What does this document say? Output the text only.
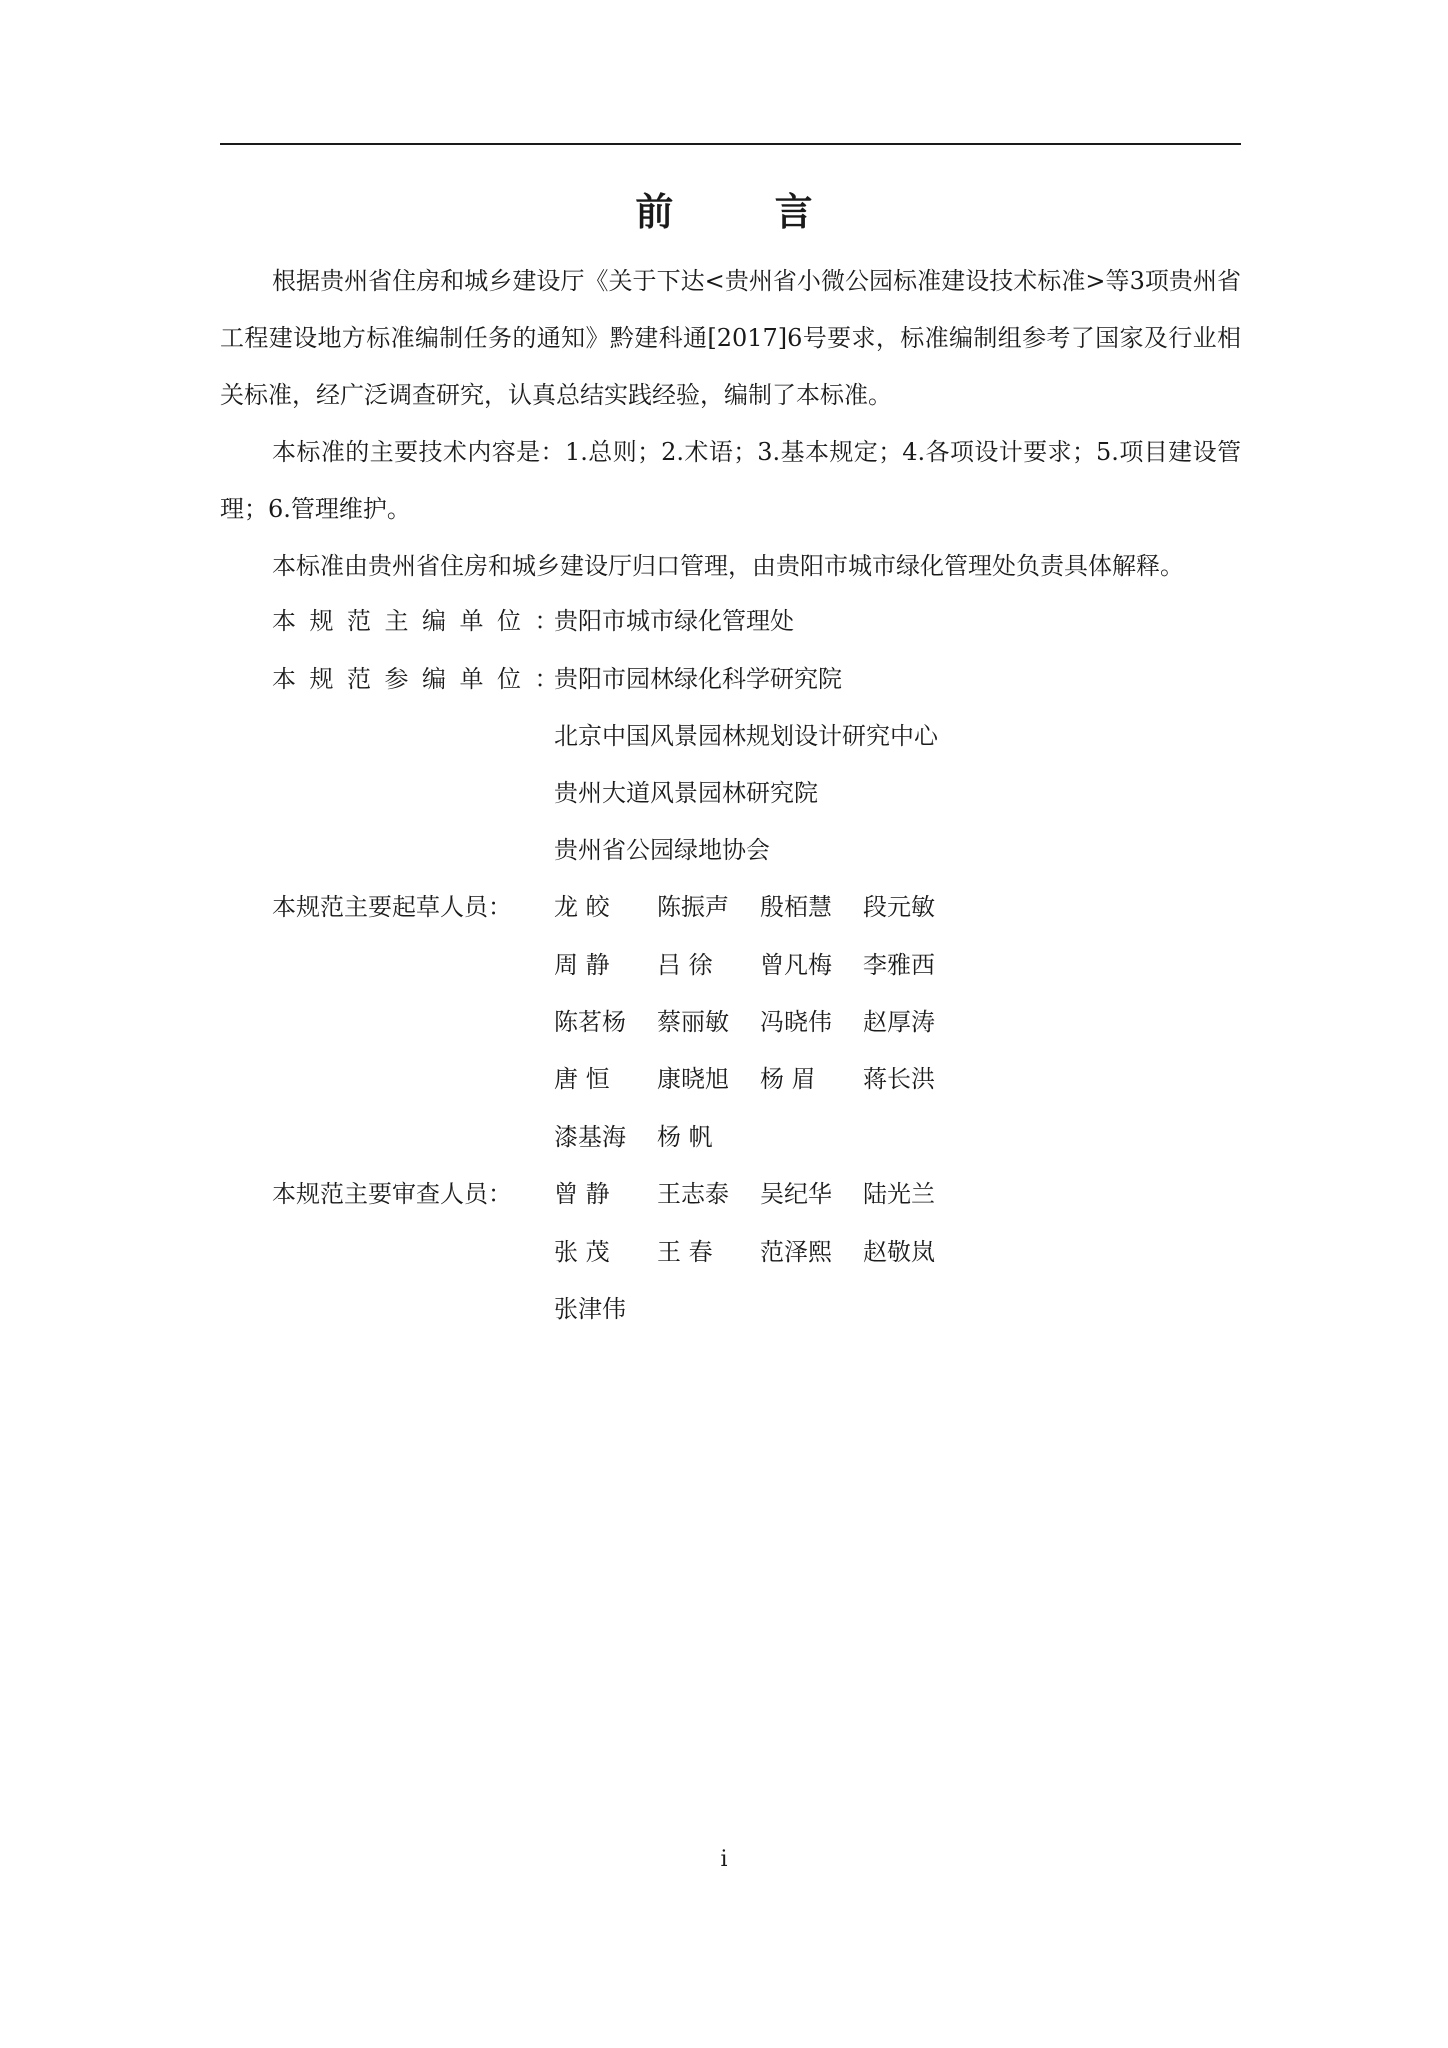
前 言

根据贵州省住房和城乡建设厅《关于下达<贵州省小微公园标准建设技术标准>等3项贵州省工程建设地方标准编制任务的通知》黔建科通[2017]6号要求，标准编制组参考了国家及行业相关标准，经广泛调查研究，认真总结实践经验，编制了本标准。

本标准的主要技术内容是：1.总则；2.术语；3.基本规定；4.各项设计要求；5.项目建设管理；6.管理维护。

本标准由贵州省住房和城乡建设厅归口管理，由贵阳市城市绿化管理处负责具体解释。

本规范主编单位：贵阳市城市绿化管理处
本规范参编单位：贵阳市园林绿化科学研究院
北京中国风景园林规划设计研究中心
贵州大道风景园林研究院
贵州省公园绿地协会
本规范主要起草人员：	龙 皎 陈振声 殷栢慧 段元敏
周 静 吕 徐 曾凡梅 李雅西
陈茗杨 蔡丽敏 冯晓伟 赵厚涛
唐 恒 康晓旭 杨 眉 蒋长洪
漆基海 杨 帆
本规范主要审查人员：	曾 静 王志泰 吴纪华 陆光兰
张 茂 王 春 范泽熙 赵敬岚
张津伟
i
